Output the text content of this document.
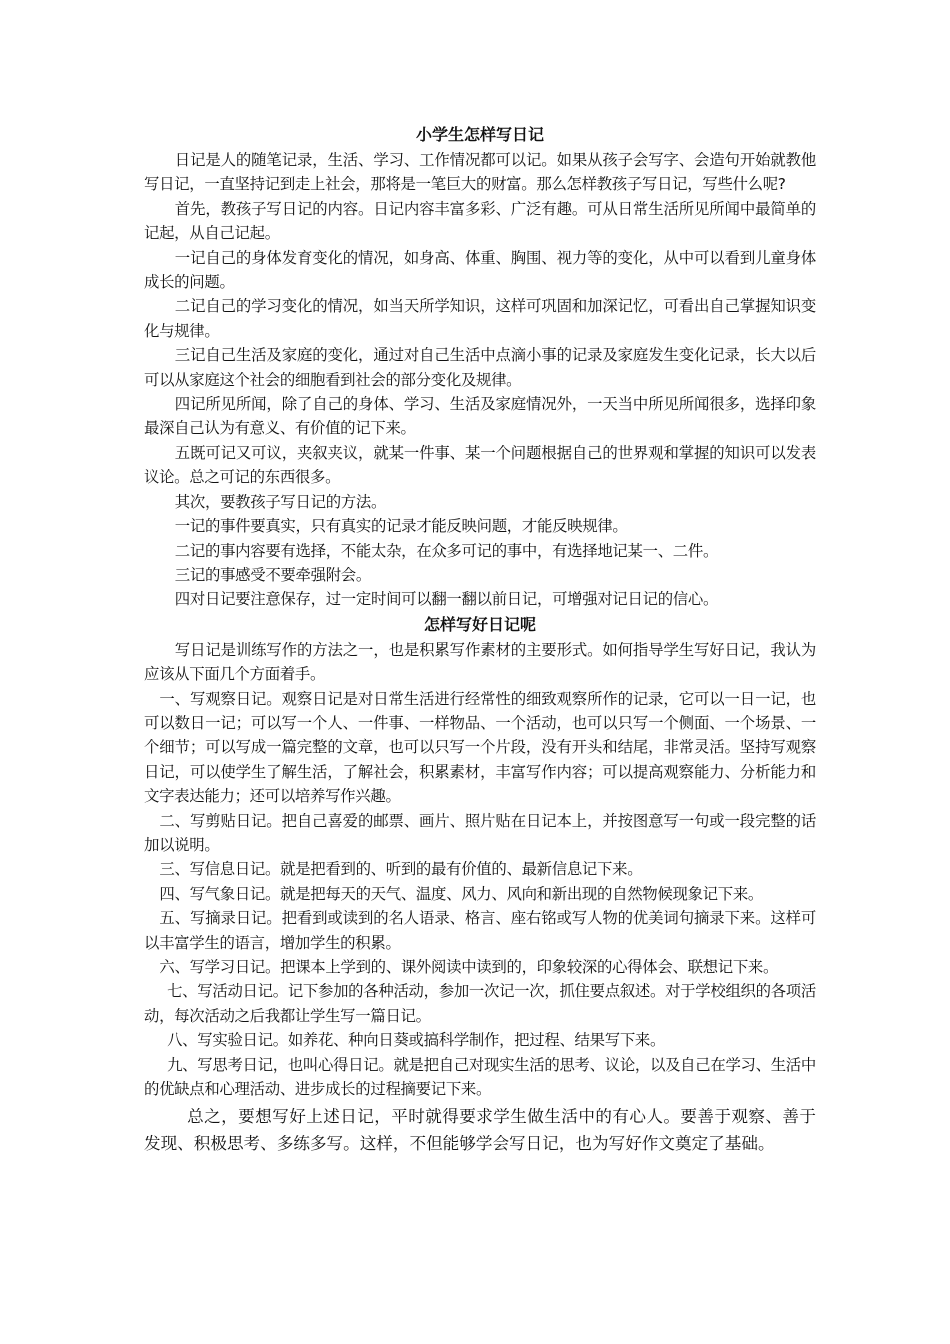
小学生怎样写日记

日记是人的随笔记录，生活、学习、工作情况都可以记。如果从孩子会写字、会造句开始就教他写日记，一直坚持记到走上社会，那将是一笔巨大的财富。那么怎样教孩子写日记，写些什么呢?

首先，教孩子写日记的内容。日记内容丰富多彩、广泛有趣。可从日常生活所见所闻中最简单的记起，从自己记起。

一记自己的身体发育变化的情况，如身高、体重、胸围、视力等的变化，从中可以看到儿童身体成长的问题。

二记自己的学习变化的情况，如当天所学知识，这样可巩固和加深记忆，可看出自己掌握知识变化与规律。

三记自己生活及家庭的变化，通过对自己生活中点滴小事的记录及家庭发生变化记录，长大以后可以从家庭这个社会的细胞看到社会的部分变化及规律。

四记所见所闻，除了自己的身体、学习、生活及家庭情况外，一天当中所见所闻很多，选择印象最深自己认为有意义、有价值的记下来。

五既可记又可议，夹叙夹议，就某一件事、某一个问题根据自己的世界观和掌握的知识可以发表议论。总之可记的东西很多。

其次，要教孩子写日记的方法。

一记的事件要真实，只有真实的记录才能反映问题，才能反映规律。

二记的事内容要有选择，不能太杂，在众多可记的事中，有选择地记某一、二件。

三记的事感受不要牵强附会。

四对日记要注意保存，过一定时间可以翻一翻以前日记，可增强对记日记的信心。

怎样写好日记呢

写日记是训练写作的方法之一，也是积累写作素材的主要形式。如何指导学生写好日记，我认为应该从下面几个方面着手。

一、写观察日记。观察日记是对日常生活进行经常性的细致观察所作的记录，它可以一日一记，也可以数日一记；可以写一个人、一件事、一样物品、一个活动，也可以只写一个侧面、一个场景、一个细节；可以写成一篇完整的文章，也可以只写一个片段，没有开头和结尾，非常灵活。坚持写观察日记，可以使学生了解生活，了解社会，积累素材，丰富写作内容；可以提高观察能力、分析能力和文字表达能力；还可以培养写作兴趣。

二、写剪贴日记。把自己喜爱的邮票、画片、照片贴在日记本上，并按图意写一句或一段完整的话加以说明。

三、写信息日记。就是把看到的、听到的最有价值的、最新信息记下来。

四、写气象日记。就是把每天的天气、温度、风力、风向和新出现的自然物候现象记下来。

五、写摘录日记。把看到或读到的名人语录、格言、座右铭或写人物的优美词句摘录下来。这样可以丰富学生的语言，增加学生的积累。

六、写学习日记。把课本上学到的、课外阅读中读到的，印象较深的心得体会、联想记下来。

七、写活动日记。记下参加的各种活动，参加一次记一次，抓住要点叙述。对于学校组织的各项活动，每次活动之后我都让学生写一篇日记。

八、写实验日记。如养花、种向日葵或搞科学制作，把过程、结果写下来。

九、写思考日记，也叫心得日记。就是把自己对现实生活的思考、议论，以及自己在学习、生活中的优缺点和心理活动、进步成长的过程摘要记下来。

总之，要想写好上述日记，平时就得要求学生做生活中的有心人。要善于观察、善于发现、积极思考、多练多写。这样，不但能够学会写日记，也为写好作文奠定了基础。
